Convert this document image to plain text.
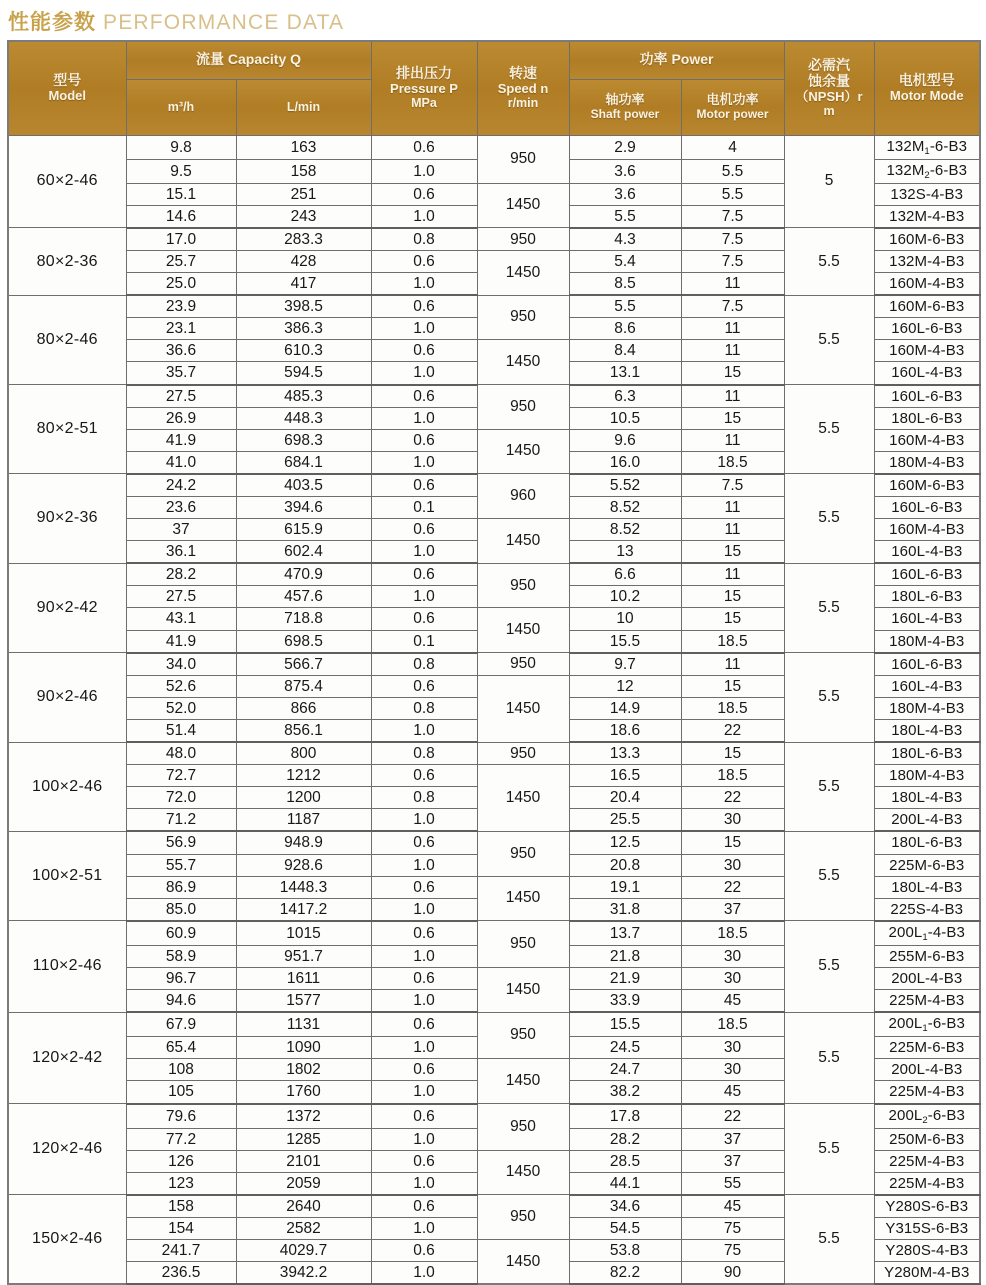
性能参数 PERFORMANCE DATA
型号
Model	流量 Capacity Q		排出压力
Pressure P
MPa	转速
Speed n
r/min	功率 Power		必需汽
蚀余量
（NPSH）r
m	电机型号
Motor Mode

	m³/h	L/min			轴功率
Shaft power	电机功率
Motor power		

60×2-46	9.8	163	0.6	950	2.9	4	5	$132M_1-6-B3$
	9.5	158	1.0		3.6	5.5		$132M_2-6-B3$
	15.1	251	0.6	1450	3.6	5.5		132S-4-B3
	14.6	243	1.0		5.5	7.5		132M-4-B3
80×2-36	17.0	283.3	0.8	950	4.3	7.5	5.5	160M-6-B3
	25.7	428	0.6	1450	5.4	7.5		132M-4-B3
	25.0	417	1.0		8.5	11		160M-4-B3
80×2-46	23.9	398.5	0.6	950	5.5	7.5	5.5	160M-6-B3
	23.1	386.3	1.0		8.6	11		160L-6-B3
	36.6	610.3	0.6	1450	8.4	11		160M-4-B3
	35.7	594.5	1.0		13.1	15		160L-4-B3
80×2-51	27.5	485.3	0.6	950	6.3	11	5.5	160L-6-B3
	26.9	448.3	1.0		10.5	15		180L-6-B3
	41.9	698.3	0.6	1450	9.6	11		160M-4-B3
	41.0	684.1	1.0		16.0	18.5		180M-4-B3
90×2-36	24.2	403.5	0.6	960	5.52	7.5	5.5	160M-6-B3
	23.6	394.6	0.1		8.52	11		160L-6-B3
	37	615.9	0.6	1450	8.52	11		160M-4-B3
	36.1	602.4	1.0		13	15		160L-4-B3
90×2-42	28.2	470.9	0.6	950	6.6	11	5.5	160L-6-B3
	27.5	457.6	1.0		10.2	15		180L-6-B3
	43.1	718.8	0.6	1450	10	15		160L-4-B3
	41.9	698.5	0.1		15.5	18.5		180M-4-B3
90×2-46	34.0	566.7	0.8	950	9.7	11	5.5	160L-6-B3
	52.6	875.4	0.6	1450	12	15		160L-4-B3
	52.0	866	0.8		14.9	18.5		180M-4-B3
	51.4	856.1	1.0		18.6	22		180L-4-B3
100×2-46	48.0	800	0.8	950	13.3	15	5.5	180L-6-B3
	72.7	1212	0.6	1450	16.5	18.5		180M-4-B3
	72.0	1200	0.8		20.4	22		180L-4-B3
	71.2	1187	1.0		25.5	30		200L-4-B3
100×2-51	56.9	948.9	0.6	950	12.5	15	5.5	180L-6-B3
	55.7	928.6	1.0		20.8	30		225M-6-B3
	86.9	1448.3	0.6	1450	19.1	22		180L-4-B3
	85.0	1417.2	1.0		31.8	37		225S-4-B3
110×2-46	60.9	1015	0.6	950	13.7	18.5	5.5	$200L_1-4-B3$
	58.9	951.7	1.0		21.8	30		255M-6-B3
	96.7	1611	0.6	1450	21.9	30		200L-4-B3
	94.6	1577	1.0		33.9	45		225M-4-B3
120×2-42	67.9	1131	0.6	950	15.5	18.5	5.5	$200L_1-6-B3$
	65.4	1090	1.0		24.5	30		225M-6-B3
	108	1802	0.6	1450	24.7	30		200L-4-B3
	105	1760	1.0		38.2	45		225M-4-B3
120×2-46	79.6	1372	0.6	950	17.8	22	5.5	$200L_2-6-B3$
	77.2	1285	1.0		28.2	37		250M-6-B3
	126	2101	0.6	1450	28.5	37		225M-4-B3
	123	2059	1.0		44.1	55		225M-4-B3
150×2-46	158	2640	0.6	950	34.6	45	5.5	Y280S-6-B3
	154	2582	1.0		54.5	75		Y315S-6-B3
	241.7	4029.7	0.6	1450	53.8	75		Y280S-4-B3
	236.5	3942.2	1.0		82.2	90		Y280M-4-B3
